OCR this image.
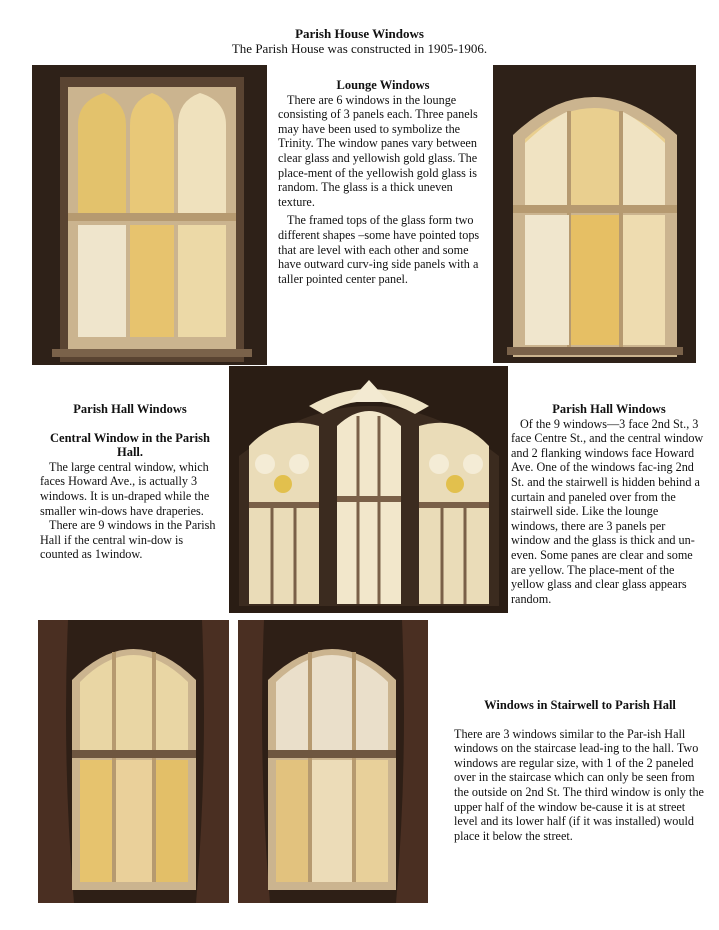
Parish House Windows
The Parish House was constructed in 1905-1906.
Lounge Windows

There are 6 windows in the lounge consisting of 3 panels each. Three panels may have been used to symbolize the Trinity. The window panes vary between clear glass and yellowish gold glass. The place-ment of the yellowish gold glass is random. The glass is a thick uneven texture.

The framed tops of the glass form two different shapes –some have pointed tops that are level with each other and some have outward curv-ing side panels with a taller pointed center panel.

Parish Hall Windows
Central Window in the Parish Hall.

The large central window, which faces Howard Ave., is actually 3 windows. It is un-draped while the smaller win-dows have draperies.

There are 9 windows in the Parish Hall if the central win-dow is counted as 1window.

Parish Hall Windows

Of the 9 windows—3 face 2nd St., 3 face Centre St., and the central window and 2 flanking windows face Howard Ave. One of the windows fac-ing 2nd St. and the stairwell is hidden behind a curtain and paneled over from the stairwell side. Like the lounge windows, there are 3 panels per window and the glass is thick and un-even. Some panes are clear and some are yellow. The place-ment of the yellow glass and clear glass appears random.

Windows in Stairwell to Parish Hall

There are 3 windows similar to the Par-ish Hall windows on the staircase lead-ing to the hall. Two windows are regular size, with 1 of the 2 paneled over in the staircase which can only be seen from the outside on 2nd St. The third window is only the upper half of the window be-cause it is at street level and its lower half (if it was installed) would place it below the street.
